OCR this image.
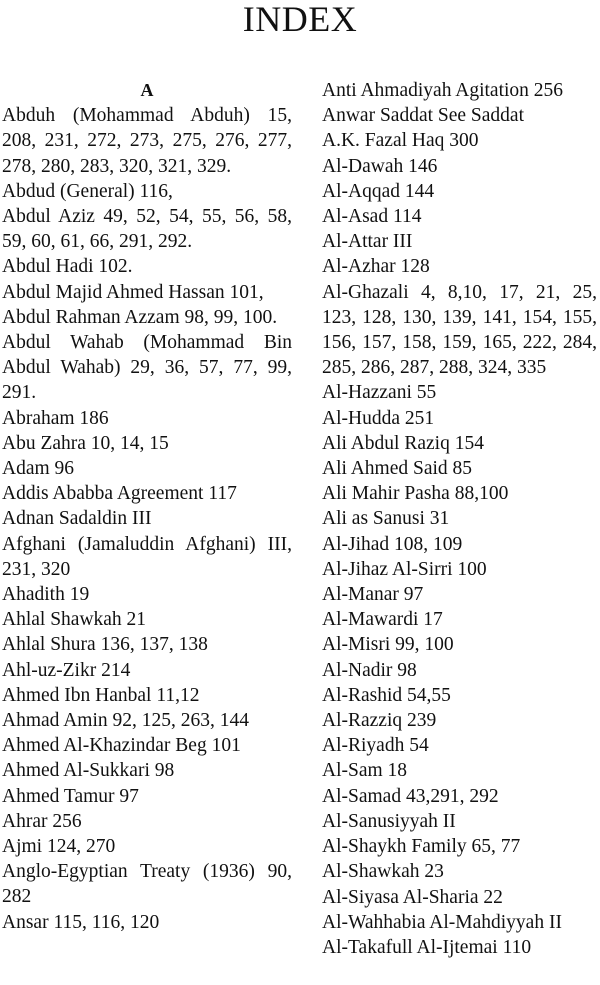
INDEX
A
Abduh (Mohammad Abduh) 15, 208, 231, 272, 273, 275, 276, 277, 278, 280, 283, 320, 321, 329.
Abdud (General) 116,
Abdul Aziz 49, 52, 54, 55, 56, 58, 59, 60, 61, 66, 291, 292.
Abdul Hadi 102.
Abdul Majid Ahmed Hassan 101,
Abdul Rahman Azzam 98, 99, 100.
Abdul Wahab (Mohammad Bin Abdul Wahab) 29, 36, 57, 77, 99, 291.
Abraham 186
Abu Zahra 10, 14, 15
Adam 96
Addis Ababba Agreement 117
Adnan Sadaldin III
Afghani (Jamaluddin Afghani) III, 231, 320
Ahadith 19
Ahlal Shawkah 21
Ahlal Shura 136, 137, 138
Ahl-uz-Zikr 214
Ahmed Ibn Hanbal 11,12
Ahmad Amin 92, 125, 263, 144
Ahmed Al-Khazindar Beg 101
Ahmed Al-Sukkari 98
Ahmed Tamur 97
Ahrar 256
Ajmi 124, 270
Anglo-Egyptian Treaty (1936) 90, 282
Ansar 115, 116, 120
Anti Ahmadiyah Agitation 256
Anwar Saddat See Saddat
A.K. Fazal Haq 300
Al-Dawah 146
Al-Aqqad 144
Al-Asad 114
Al-Attar III
Al-Azhar 128
Al-Ghazali 4, 8,10, 17, 21, 25, 123, 128, 130, 139, 141, 154, 155, 156, 157, 158, 159, 165, 222, 284, 285, 286, 287, 288, 324, 335
Al-Hazzani 55
Al-Hudda 251
Ali Abdul Raziq 154
Ali Ahmed Said 85
Ali Mahir Pasha 88,100
Ali as Sanusi 31
Al-Jihad 108, 109
Al-Jihaz Al-Sirri 100
Al-Manar 97
Al-Mawardi 17
Al-Misri 99, 100
Al-Nadir 98
Al-Rashid 54,55
Al-Razziq 239
Al-Riyadh 54
Al-Sam 18
Al-Samad 43,291, 292
Al-Sanusiyyah II
Al-Shaykh Family 65, 77
Al-Shawkah 23
Al-Siyasa Al-Sharia 22
Al-Wahhabia Al-Mahdiyyah II
Al-Takafull Al-Ijtemai 110
